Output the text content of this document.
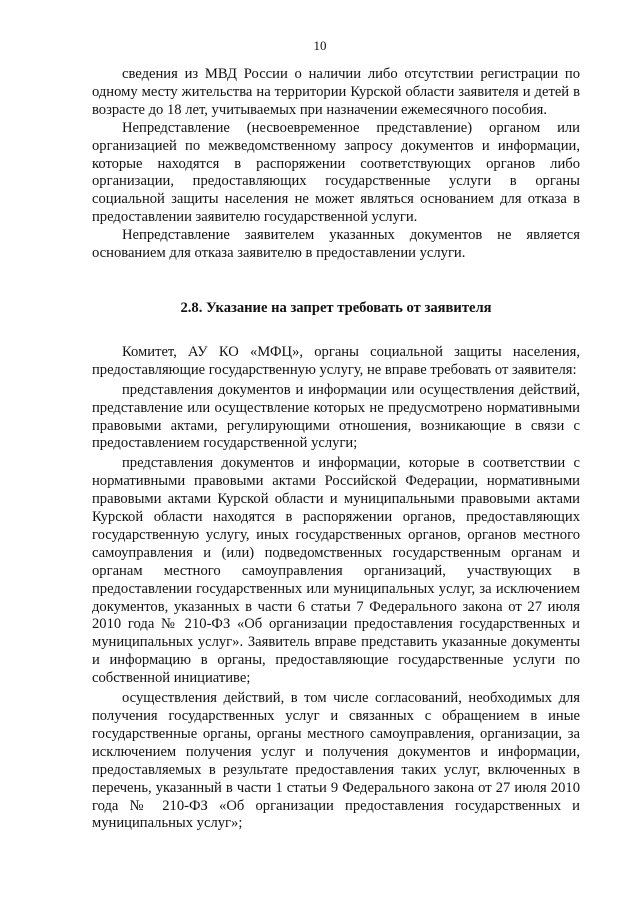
10

сведения из МВД России о наличии либо отсутствии регистрации по одному месту жительства на территории Курской области заявителя и детей в возрасте до 18 лет, учитываемых при назначении ежемесячного пособия.

Непредставление (несвоевременное представление) органом или организацией по межведомственному запросу документов и информации, которые находятся в распоряжении соответствующих органов либо организации, предоставляющих государственные услуги в органы социальной защиты населения не может являться основанием для отказа в предоставлении заявителю государственной услуги.

Непредставление заявителем указанных документов не является основанием для отказа заявителю в предоставлении услуги.

2.8. Указание на запрет требовать от заявителя

Комитет, АУ КО «МФЦ», органы социальной защиты населения, предоставляющие государственную услугу, не вправе требовать от заявителя:

представления документов и информации или осуществления действий, представление или осуществление которых не предусмотрено нормативными правовыми актами, регулирующими отношения, возникающие в связи с предоставлением государственной услуги;

представления документов и информации, которые в соответствии с нормативными правовыми актами Российской Федерации, нормативными правовыми актами Курской области и муниципальными правовыми актами Курской области находятся в распоряжении органов, предоставляющих государственную услугу, иных государственных органов, органов местного самоуправления и (или) подведомственных государственным органам и органам местного самоуправления организаций, участвующих в предоставлении государственных или муниципальных услуг, за исключением документов, указанных в части 6 статьи 7 Федерального закона от 27 июля 2010 года № 210-ФЗ «Об организации предоставления государственных и муниципальных услуг». Заявитель вправе представить указанные документы и информацию в органы, предоставляющие государственные услуги по собственной инициативе;

осуществления действий, в том числе согласований, необходимых для получения государственных услуг и связанных с обращением в иные государственные органы, органы местного самоуправления, организации, за исключением получения услуг и получения документов и информации, предоставляемых в результате предоставления таких услуг, включенных в перечень, указанный в части 1 статьи 9 Федерального закона от 27 июля 2010 года № 210-ФЗ «Об организации предоставления государственных и муниципальных услуг»;
